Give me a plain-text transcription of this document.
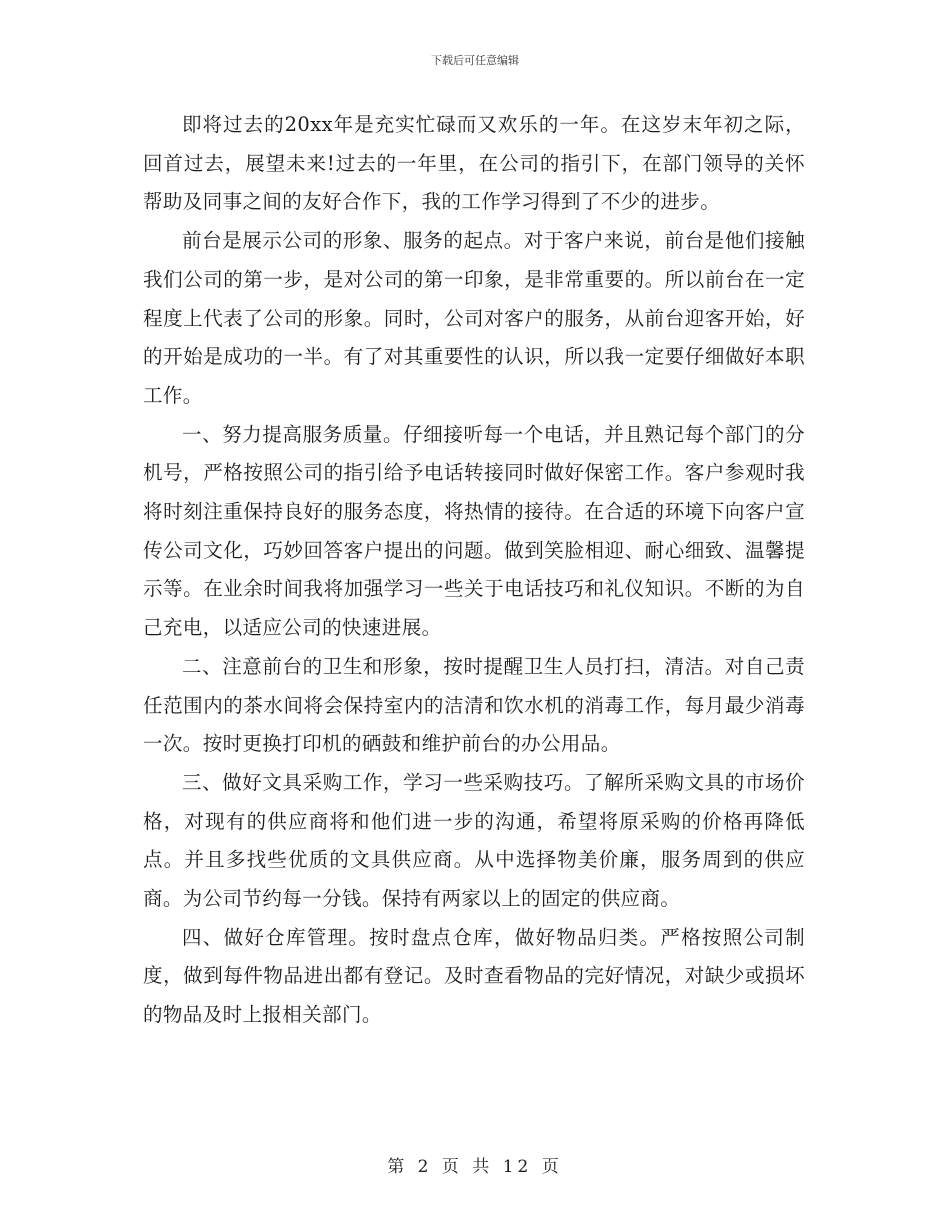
下载后可任意编辑

即将过去的20xx年是充实忙碌而又欢乐的一年。在这岁末年初之际，回首过去，展望未来!过去的一年里，在公司的指引下，在部门领导的关怀帮助及同事之间的友好合作下，我的工作学习得到了不少的进步。

前台是展示公司的形象、服务的起点。对于客户来说，前台是他们接触我们公司的第一步，是对公司的第一印象，是非常重要的。所以前台在一定程度上代表了公司的形象。同时，公司对客户的服务，从前台迎客开始，好的开始是成功的一半。有了对其重要性的认识，所以我一定要仔细做好本职工作。

一、努力提高服务质量。仔细接听每一个电话，并且熟记每个部门的分机号，严格按照公司的指引给予电话转接同时做好保密工作。客户参观时我将时刻注重保持良好的服务态度，将热情的接待。在合适的环境下向客户宣传公司文化，巧妙回答客户提出的问题。做到笑脸相迎、耐心细致、温馨提示等。在业余时间我将加强学习一些关于电话技巧和礼仪知识。不断的为自己充电，以适应公司的快速进展。

二、注意前台的卫生和形象，按时提醒卫生人员打扫，清洁。对自己责任范围内的茶水间将会保持室内的洁清和饮水机的消毒工作，每月最少消毒一次。按时更换打印机的硒鼓和维护前台的办公用品。

三、做好文具采购工作，学习一些采购技巧。了解所采购文具的市场价格，对现有的供应商将和他们进一步的沟通，希望将原采购的价格再降低点。并且多找些优质的文具供应商。从中选择物美价廉，服务周到的供应商。为公司节约每一分钱。保持有两家以上的固定的供应商。

四、做好仓库管理。按时盘点仓库，做好物品归类。严格按照公司制度，做到每件物品进出都有登记。及时查看物品的完好情况，对缺少或损坏的物品及时上报相关部门。

第 2 页 共 12 页
